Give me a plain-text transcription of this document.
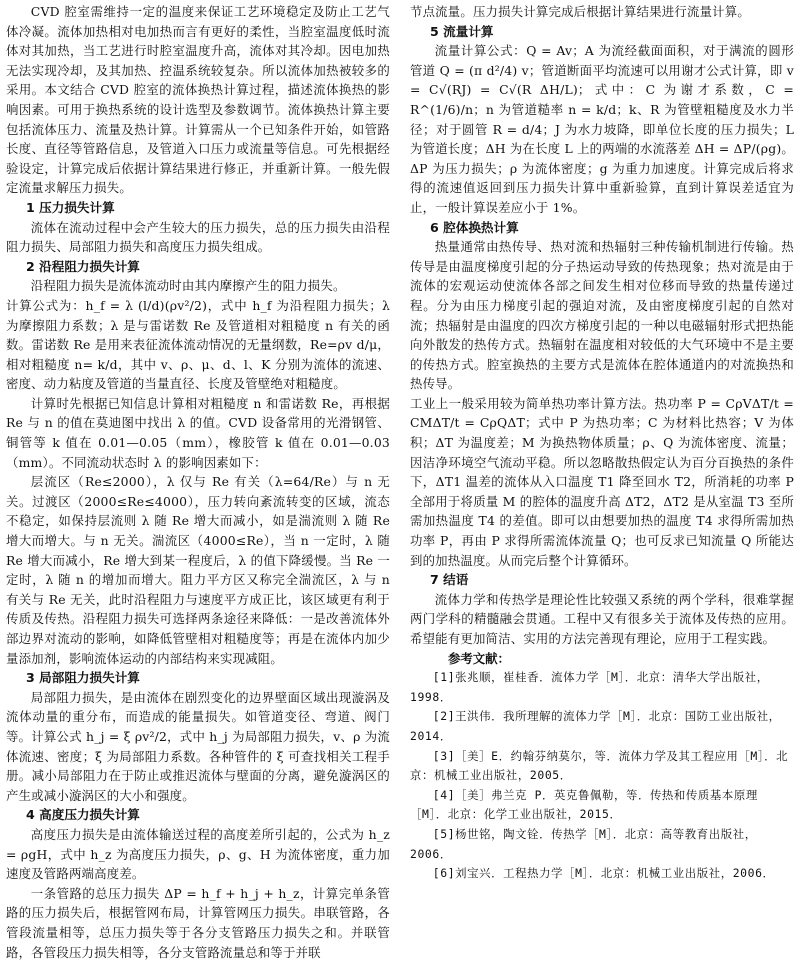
CVD 腔室需维持一定的温度来保证工艺环境稳定及防止工艺气体冷凝。流体加热相对电加热而言有更好的柔性，当腔室温度低时流体对其加热，当工艺进行时腔室温度升高，流体对其冷却。因电加热无法实现冷却，及其加热、控温系统较复杂。所以流体加热被较多的采用。本文结合 CVD 腔室的流体换热计算过程，描述流体换热的影响因素。可用于换热系统的设计选型及参数调节。流体换热计算主要包括流体压力、流量及热计算。计算需从一个已知条件开始，如管路长度、直径等管路信息，及管道入口压力或流量等信息。可先根据经验设定，计算完成后依据计算结果进行修正，并重新计算。一般先假定流量求解压力损失。

1 压力损失计算

流体在流动过程中会产生较大的压力损失，总的压力损失由沿程阻力损失、局部阻力损失和高度压力损失组成。

2 沿程阻力损失计算

沿程阻力损失是流体流动时由其内摩擦产生的阻力损失。

计算公式为：h_f = λ (l/d)(ρv²/2)，式中 h_f 为沿程阻力损失；λ 为摩擦阻力系数；λ 是与雷诺数 Re 及管道相对粗糙度 n 有关的函数。雷诺数 Re 是用来表征流体流动情况的无量纲数，Re=ρv d/μ，相对粗糙度 n= k/d，其中 v、ρ、μ、d、l、K 分别为流体的流速、密度、动力粘度及管道的当量直径、长度及管壁绝对粗糙度。

计算时先根据已知信息计算相对粗糙度 n 和雷诺数 Re，再根据 Re 与 n 的值在莫迪图中找出 λ 的值。CVD 设备常用的光滑钢管、铜管等 k 值在 0.01—0.05（mm），橡胶管 k 值在 0.01—0.03（mm）。不同流动状态时 λ 的影响因素如下：

层流区（Re≤2000），λ 仅与 Re 有关（λ=64/Re）与 n 无关。过渡区（2000≤Re≤4000），压力转向紊流转变的区域，流态不稳定，如保持层流则 λ 随 Re 增大而减小，如是湍流则 λ 随 Re 增大而增大。与 n 无关。湍流区（4000≤Re），当 n 一定时，λ 随 Re 增大而减小，Re 增大到某一程度后，λ 的值下降缓慢。当 Re 一定时，λ 随 n 的增加而增大。阻力平方区又称完全湍流区，λ 与 n 有关与 Re 无关，此时沿程阻力与速度平方成正比，该区域更有利于传质及传热。沿程阻力损失可选择两条途径来降低：一是改善流体外部边界对流动的影响，如降低管壁相对粗糙度等；再是在流体内加少量添加剂，影响流体运动的内部结构来实现减阻。

3 局部阻力损失计算

局部阻力损失，是由流体在剧烈变化的边界壁面区域出现漩涡及流体动量的重分布，而造成的能量损失。如管道变径、弯道、阀门等。计算公式 h_j = ξ ρv²/2，式中 h_j 为局部阻力损失，v、ρ 为流体流速、密度；ξ 为局部阻力系数。各种管件的 ξ 可查找相关工程手册。减小局部阻力在于防止或推迟流体与壁面的分离，避免漩涡区的产生或减小漩涡区的大小和强度。

4 高度压力损失计算

高度压力损失是由流体输送过程的高度差所引起的，公式为 h_z = ρgH，式中 h_z 为高度压力损失，ρ、g、H 为流体密度，重力加速度及管路两端高度差。

一条管路的总压力损失 ΔP = h_f + h_j + h_z，计算完单条管路的压力损失后，根据管网布局，计算管网压力损失。串联管路，各管段流量相等，总压力损失等于各分支管路压力损失之和。并联管路，各管段压力损失相等，各分支管路流量总和等于并联

节点流量。压力损失计算完成后根据计算结果进行流量计算。

5 流量计算

流量计算公式：Q = Av；A 为流经截面面积，对于满流的圆形管道 Q = (π d²/4) v；管道断面平均流速可以用谢才公式计算，即 v = C√(RJ) = C√(R ΔH/L)；式中：C 为谢才系数，C = R^(1/6)/n；n 为管道糙率 n = k/d；k、R 为管壁粗糙度及水力半径；对于圆管 R = d/4；J 为水力坡降，即单位长度的压力损失；L 为管道长度；ΔH 为在长度 L 上的两端的水流落差 ΔH = ΔP/(ρg)。ΔP 为压力损失；ρ 为流体密度；g 为重力加速度。计算完成后将求得的流速值返回到压力损失计算中重新验算，直到计算误差适宜为止，一般计算误差应小于 1%。

6 腔体换热计算

热量通常由热传导、热对流和热辐射三种传输机制进行传输。热传导是由温度梯度引起的分子热运动导致的传热现象；热对流是由于流体的宏观运动使流体各部之间发生相对位移而导致的热量传递过程。分为由压力梯度引起的强迫对流，及由密度梯度引起的自然对流；热辐射是由温度的四次方梯度引起的一种以电磁辐射形式把热能向外散发的热传方式。热辐射在温度相对较低的大气环境中不是主要的传热方式。腔室换热的主要方式是流体在腔体通道内的对流换热和热传导。

工业上一般采用较为简单热功率计算方法。热功率 P = CρVΔT/t = CMΔT/t = CρQΔT；式中 P 为热功率；C 为材料比热容；V 为体积；ΔT 为温度差；M 为换热物体质量；ρ、Q 为流体密度、流量；因洁净环境空气流动平稳。所以忽略散热假定认为百分百换热的条件下，ΔT1 温差的流体从入口温度 T1 降至回水 T2，所消耗的功率 P 全部用于将质量 M 的腔体的温度升高 ΔT2，ΔT2 是从室温 T3 至所需加热温度 T4 的差值。即可以由想要加热的温度 T4 求得所需加热功率 P，再由 P 求得所需流体流量 Q；也可反求已知流量 Q 所能达到的加热温度。从而完后整个计算循环。

7 结语

流体力学和传热学是理论性比较强又系统的两个学科，很难掌握两门学科的精髓融会贯通。工程中又有很多关于流体及传热的应用。希望能有更加简洁、实用的方法完善现有理论，应用于工程实践。

参考文献：
[1]张兆顺，崔桂香．流体力学［M］．北京：清华大学出版社，1998．
[2]王洪伟．我所理解的流体力学［M］．北京：国防工业出版社，2014．
[3]［美］E．约翰芬纳莫尔，等．流体力学及其工程应用［M］．北京：机械工业出版社，2005．
[4]［美］弗兰克 P．英克鲁佩勒，等．传热和传质基本原理［M］．北京：化学工业出版社，2015．
[5]杨世铭，陶文铨．传热学［M］．北京：高等教育出版社，2006．
[6]刘宝兴．工程热力学［M］．北京：机械工业出版社，2006．
